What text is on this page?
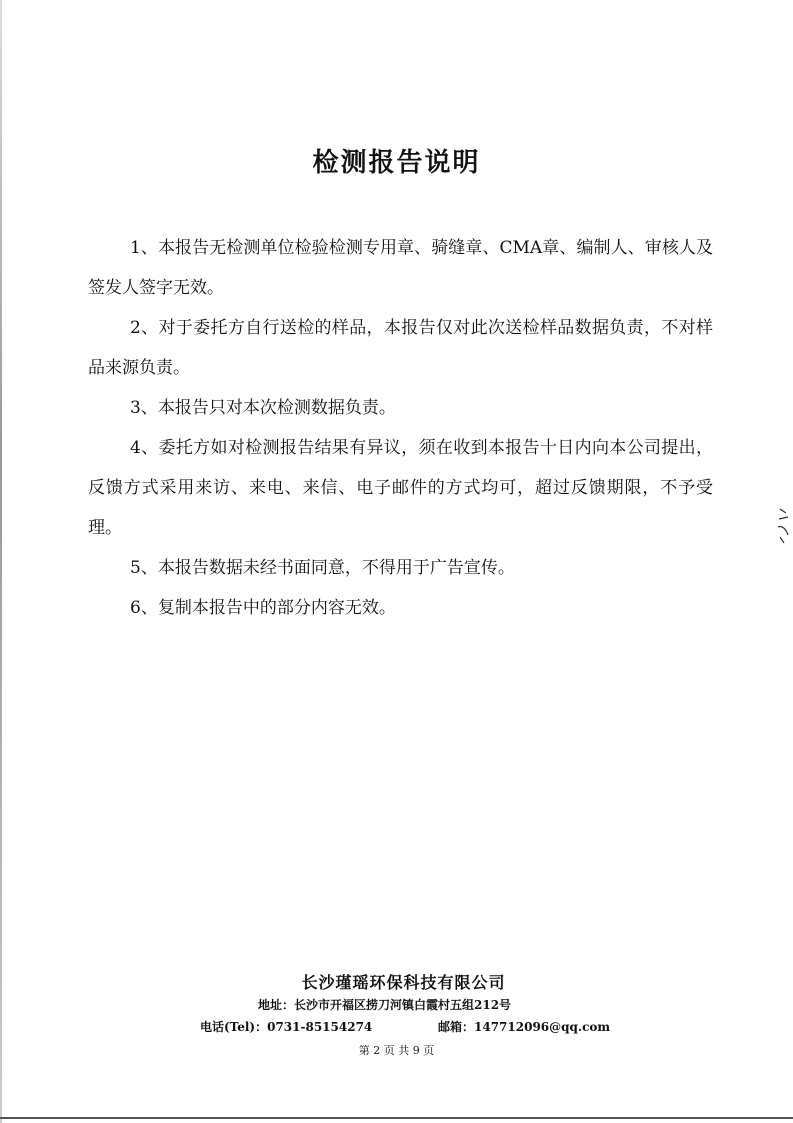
检测报告说明

1、本报告无检测单位检验检测专用章、骑缝章、CMA章、编制人、审核人及签发人签字无效。

2、对于委托方自行送检的样品，本报告仅对此次送检样品数据负责，不对样品来源负责。

3、本报告只对本次检测数据负责。

4、委托方如对检测报告结果有异议，须在收到本报告十日内向本公司提出，反馈方式采用来访、来电、来信、电子邮件的方式均可，超过反馈期限，不予受理。

5、本报告数据未经书面同意，不得用于广告宣传。

6、复制本报告中的部分内容无效。

长沙瑾瑶环保科技有限公司
地址：长沙市开福区捞刀河镇白霞村五组212号
电话(Tel)：0731-85154274	邮箱：147712096@qq.com
第 2 页 共 9 页
